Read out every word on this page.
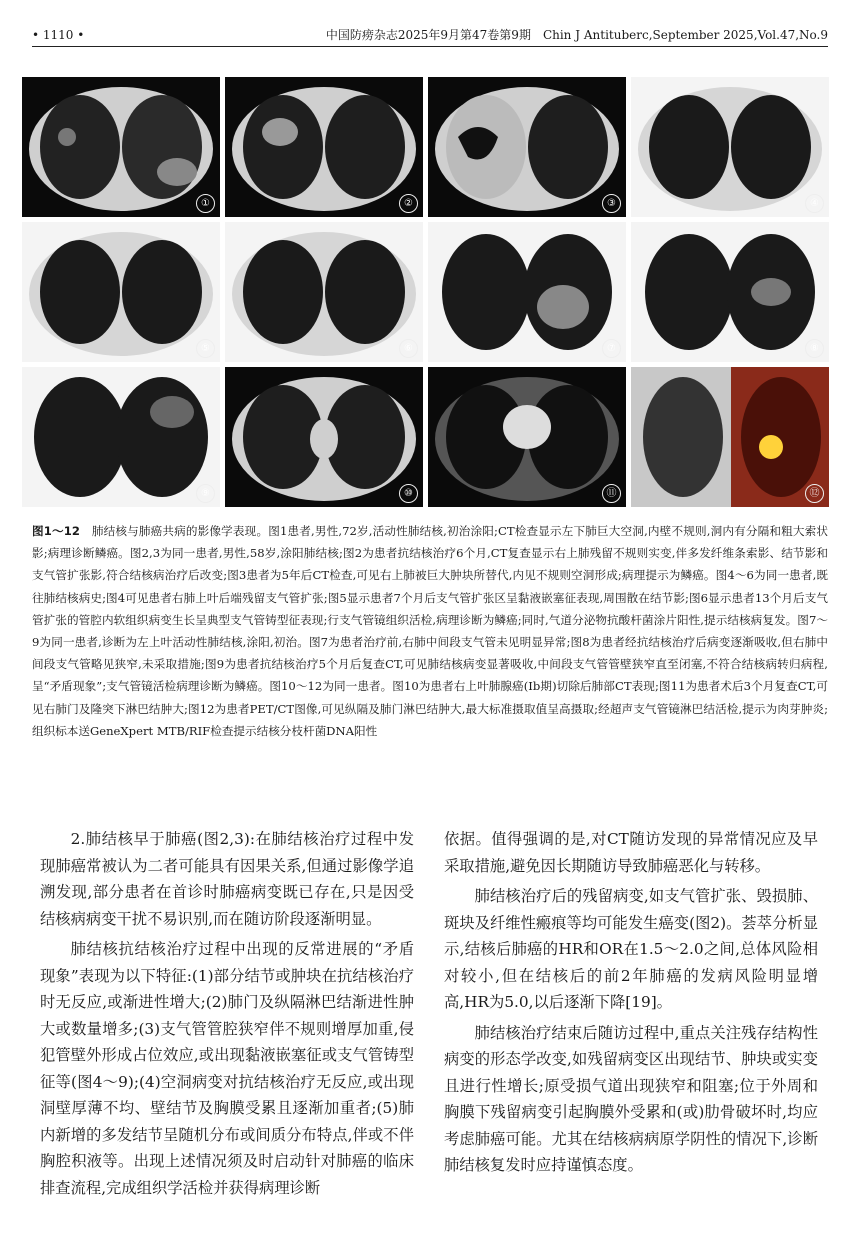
• 1110 •	中国防痨杂志2025年9月第47卷第9期　Chin J Antituberc,September 2025,Vol.47,No.9
①	②	③	④
⑤	⑥	⑦	⑧
⑨	⑩	⑪	⑫
图1～12　肺结核与肺癌共病的影像学表现。图1患者,男性,72岁,活动性肺结核,初治涂阳;CT检查显示左下肺巨大空洞,内壁不规则,洞内有分隔和粗大索状影;病理诊断鳞癌。图2,3为同一患者,男性,58岁,涂阳肺结核;图2为患者抗结核治疗6个月,CT复查显示右上肺残留不规则实变,伴多发纤维条索影、结节影和支气管扩张影,符合结核病治疗后改变;图3患者为5年后CT检查,可见右上肺被巨大肿块所替代,内见不规则空洞形成;病理提示为鳞癌。图4～6为同一患者,既往肺结核病史;图4可见患者右肺上叶后端残留支气管扩张;图5显示患者7个月后支气管扩张区呈黏液嵌塞征表现,周围散在结节影;图6显示患者13个月后支气管扩张的管腔内软组织病变生长呈典型支气管铸型征表现;行支气管镜组织活检,病理诊断为鳞癌;同时,气道分泌物抗酸杆菌涂片阳性,提示结核病复发。图7～9为同一患者,诊断为左上叶活动性肺结核,涂阳,初治。图7为患者治疗前,右肺中间段支气管未见明显异常;图8为患者经抗结核治疗后病变逐渐吸收,但右肺中间段支气管略见狭窄,未采取措施;图9为患者抗结核治疗5个月后复查CT,可见肺结核病变显著吸收,中间段支气管管壁狭窄直至闭塞,不符合结核病转归病程,呈“矛盾现象”;支气管镜活检病理诊断为鳞癌。图10～12为同一患者。图10为患者右上叶肺腺癌(Ⅰb期)切除后肺部CT表现;图11为患者术后3个月复查CT,可见右肺门及隆突下淋巴结肿大;图12为患者PET/CT图像,可见纵隔及肺门淋巴结肿大,最大标准摄取值呈高摄取;经超声支气管镜淋巴结活检,提示为肉芽肿炎;组织标本送GeneXpert MTB/RIF检查提示结核分枝杆菌DNA阳性

2.肺结核早于肺癌(图2,3):在肺结核治疗过程中发现肺癌常被认为二者可能具有因果关系,但通过影像学追溯发现,部分患者在首诊时肺癌病变既已存在,只是因受结核病病变干扰不易识别,而在随访阶段逐渐明显。

肺结核抗结核治疗过程中出现的反常进展的“矛盾现象”表现为以下特征:(1)部分结节或肿块在抗结核治疗时无反应,或渐进性增大;(2)肺门及纵隔淋巴结渐进性肿大或数量增多;(3)支气管管腔狭窄伴不规则增厚加重,侵犯管壁外形成占位效应,或出现黏液嵌塞征或支气管铸型征等(图4～9);(4)空洞病变对抗结核治疗无反应,或出现洞壁厚薄不均、壁结节及胸膜受累且逐渐加重者;(5)肺内新增的多发结节呈随机分布或间质分布特点,伴或不伴胸腔积液等。出现上述情况须及时启动针对肺癌的临床排查流程,完成组织学活检并获得病理诊断

依据。值得强调的是,对CT随访发现的异常情况应及早采取措施,避免因长期随访导致肺癌恶化与转移。

肺结核治疗后的残留病变,如支气管扩张、毁损肺、斑块及纤维性瘢痕等均可能发生癌变(图2)。荟萃分析显示,结核后肺癌的HR和OR在1.5～2.0之间,总体风险相对较小,但在结核后的前2年肺癌的发病风险明显增高,HR为5.0,以后逐渐下降[19]。

肺结核治疗结束后随访过程中,重点关注残存结构性病变的形态学改变,如残留病变区出现结节、肿块或实变且进行性增长;原受损气道出现狭窄和阻塞;位于外周和胸膜下残留病变引起胸膜外受累和(或)肋骨破坏时,均应考虑肺癌可能。尤其在结核病病原学阴性的情况下,诊断肺结核复发时应持谨慎态度。
